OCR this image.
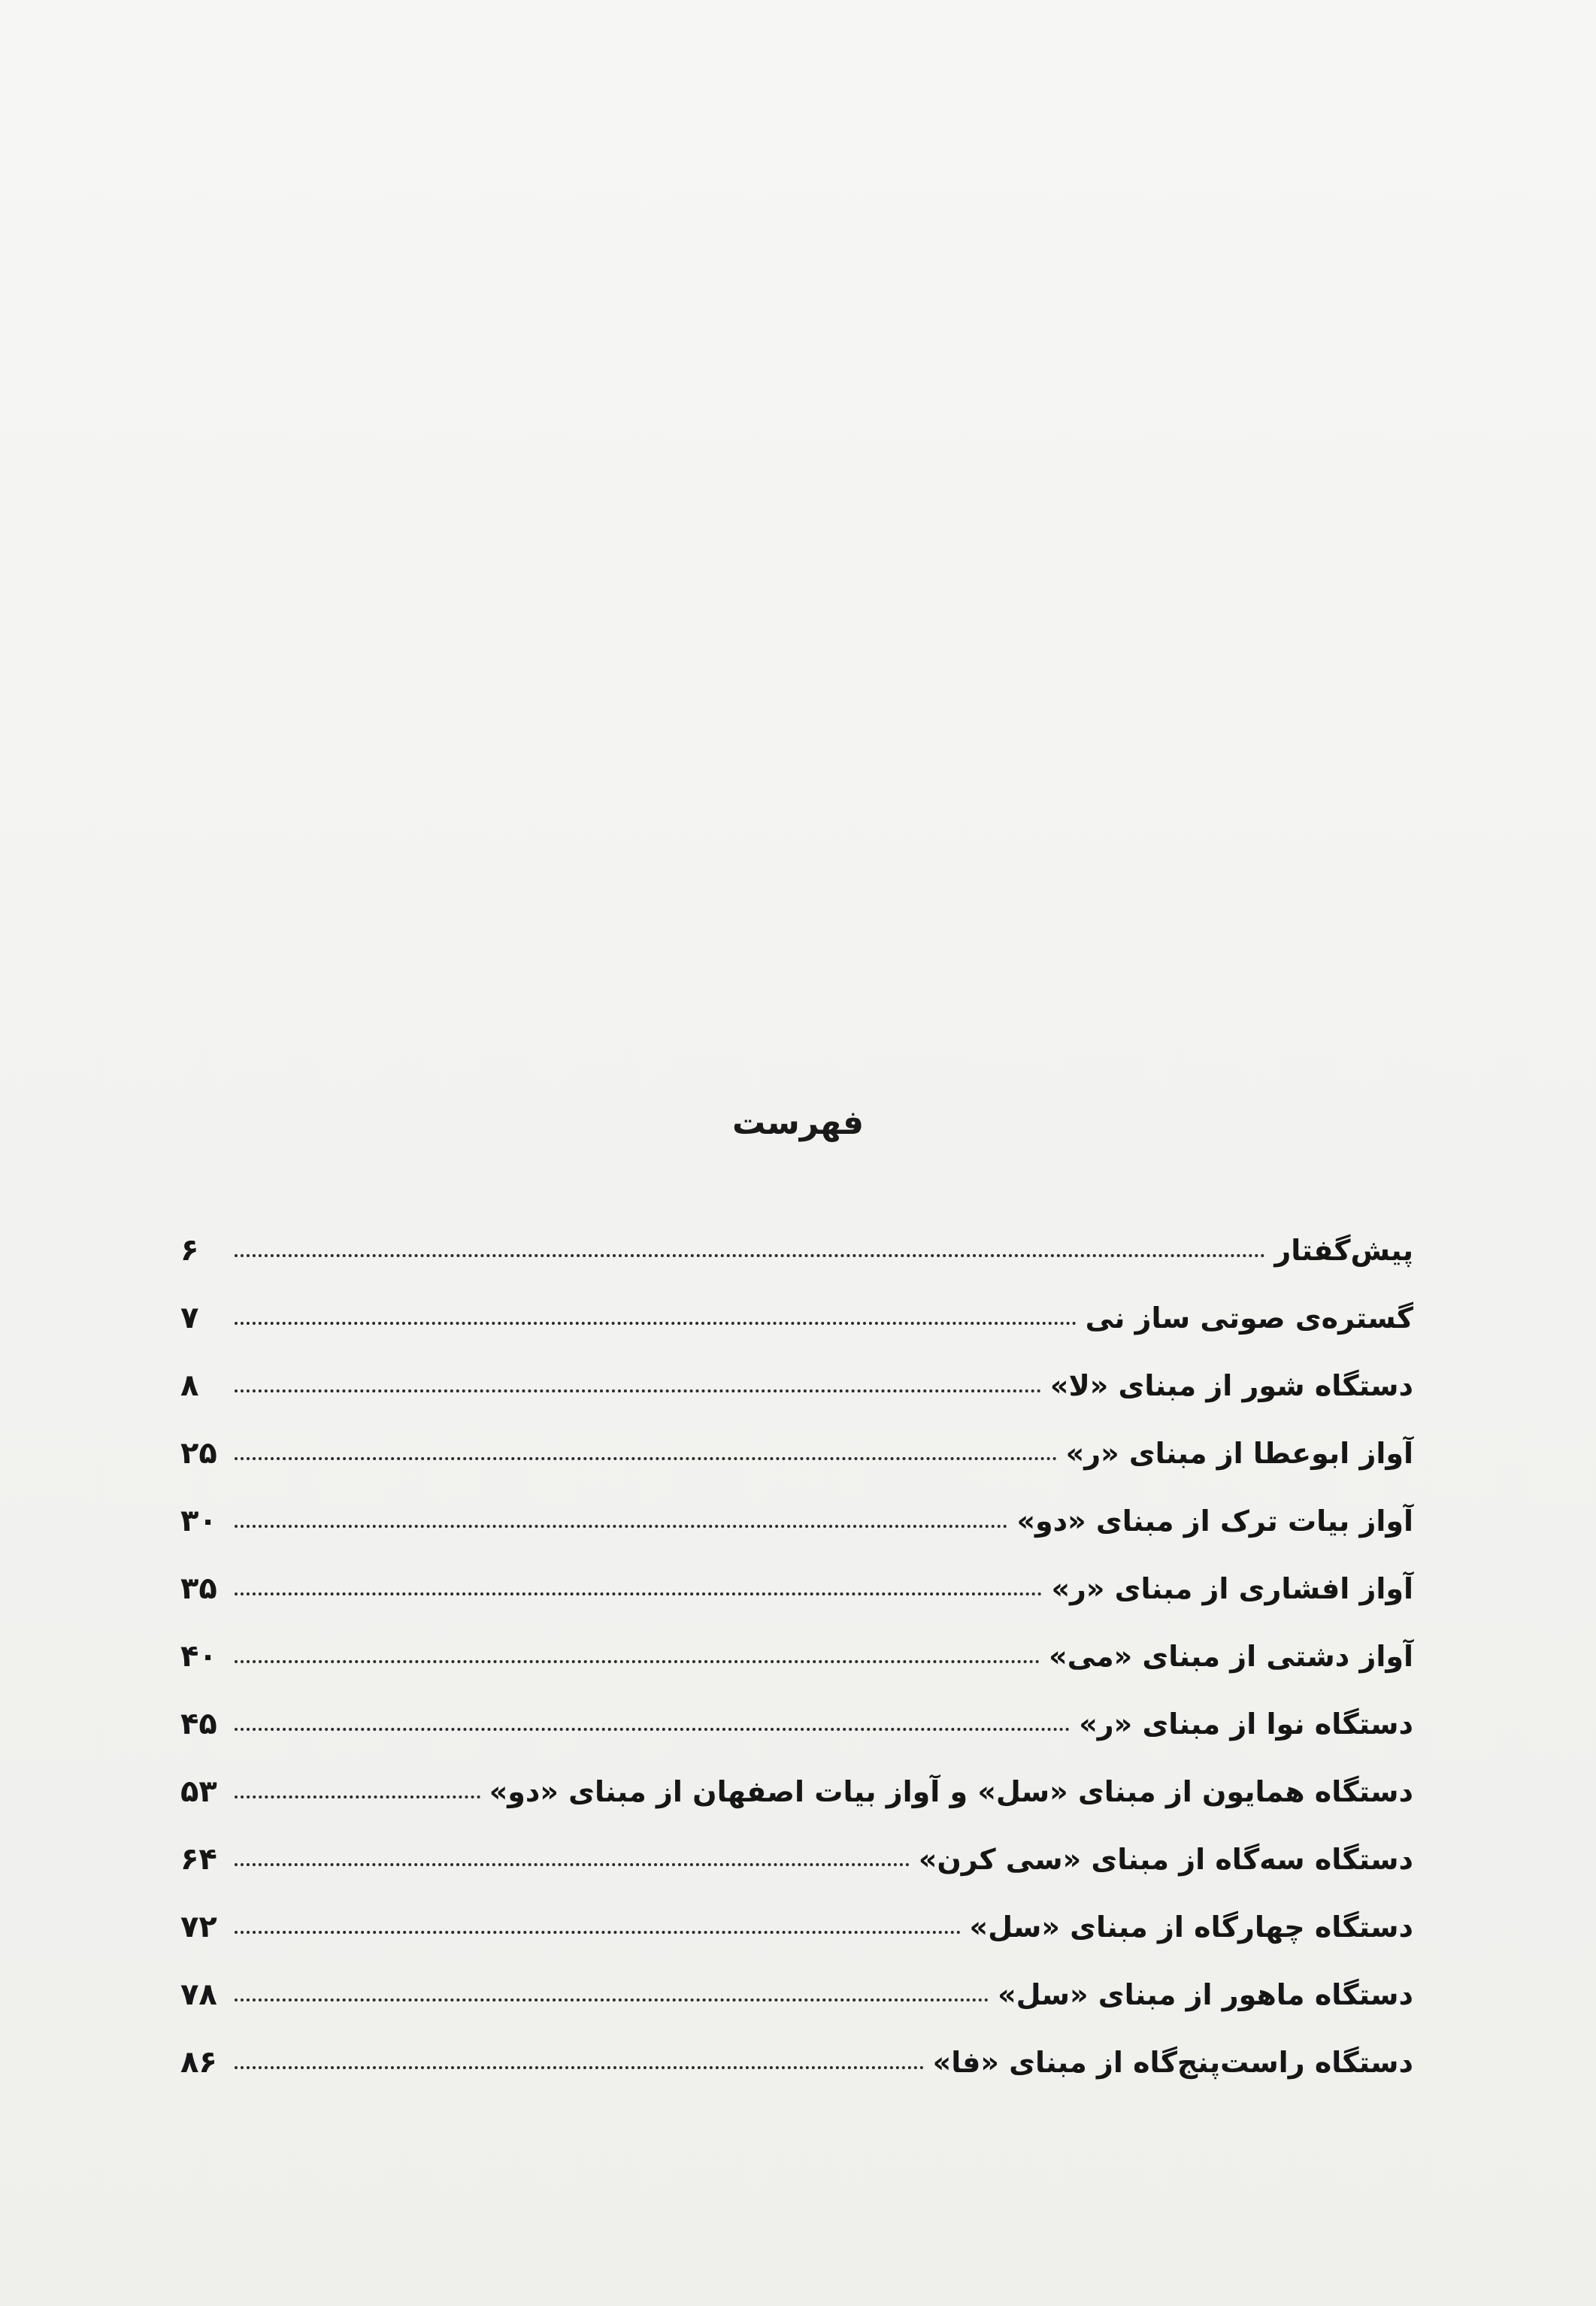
فهرست
پیش‌گفتار
۶
گستره‌ی صوتی ساز نی
۷
دستگاه شور از مبنای «لا»
۸
آواز ابوعطا از مبنای «ر»
۲۵
آواز بیات ترک از مبنای «دو»
۳۰
آواز افشاری از مبنای «ر»
۳۵
آواز دشتی از مبنای «می»
۴۰
دستگاه نوا از مبنای «ر»
۴۵
دستگاه همایون از مبنای «سل» و آواز بیات اصفهان از مبنای «دو»
۵۳
دستگاه سه‌گاه از مبنای «سی کرن»
۶۴
دستگاه چهارگاه از مبنای «سل»
۷۲
دستگاه ماهور از مبنای «سل»
۷۸
دستگاه راست‌پنج‌گاه از مبنای «فا»
۸۶
